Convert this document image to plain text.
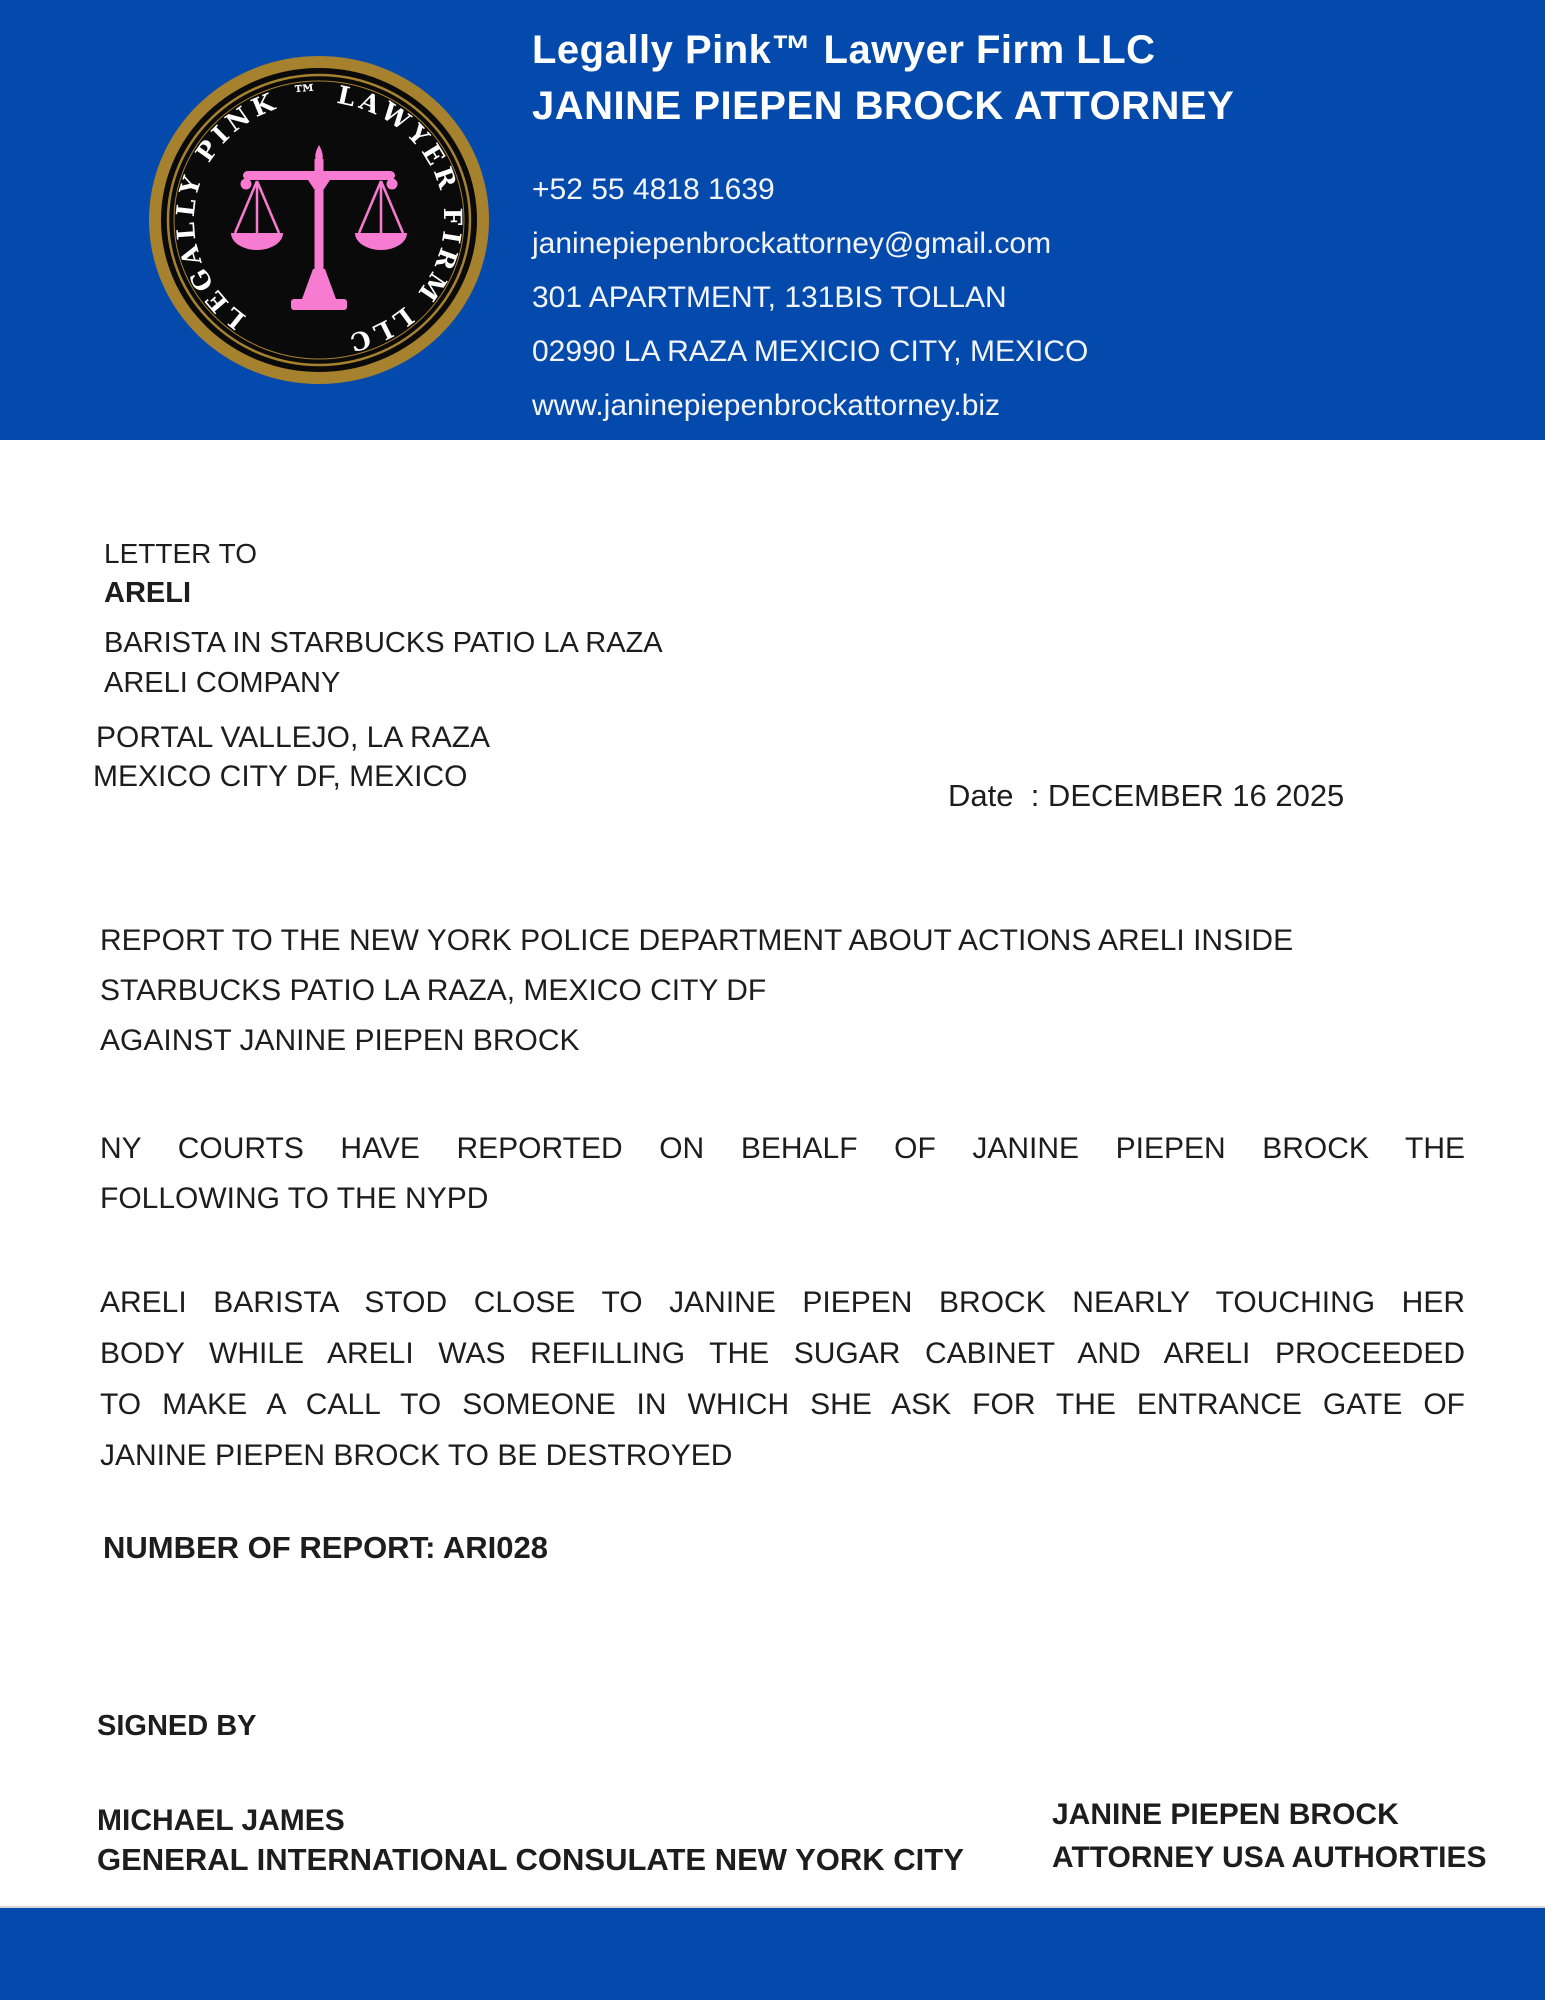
LEGALLY PINK ™ LAWYER FIRM LLC
Legally Pink™ Lawyer Firm LLC
JANINE PIEPEN BROCK ATTORNEY
+52 55 4818 1639
janinepiepenbrockattorney@gmail.com
301 APARTMENT, 131BIS TOLLAN
02990 LA RAZA MEXICIO CITY, MEXICO
www.janinepiepenbrockattorney.biz
LETTER TO
ARELI
BARISTA IN STARBUCKS PATIO LA RAZA
ARELI COMPANY
PORTAL VALLEJO, LA RAZA
MEXICO CITY DF, MEXICO
Date  : DECEMBER 16 2025
REPORT TO THE NEW YORK POLICE DEPARTMENT ABOUT ACTIONS ARELI INSIDE
STARBUCKS PATIO LA RAZA, MEXICO CITY DF
AGAINST JANINE PIEPEN BROCK
NY COURTS HAVE REPORTED ON BEHALF OF JANINE PIEPEN BROCK THE
FOLLOWING TO THE NYPD
ARELI BARISTA STOD CLOSE TO JANINE PIEPEN BROCK NEARLY TOUCHING HER
BODY WHILE ARELI WAS REFILLING THE SUGAR CABINET AND ARELI PROCEEDED
TO MAKE A CALL TO SOMEONE IN WHICH SHE ASK FOR THE ENTRANCE GATE OF
JANINE PIEPEN BROCK TO BE DESTROYED
NUMBER OF REPORT: ARI028
SIGNED BY
MICHAEL JAMES
GENERAL INTERNATIONAL CONSULATE NEW YORK CITY
JANINE PIEPEN BROCK
ATTORNEY USA AUTHORTIES
